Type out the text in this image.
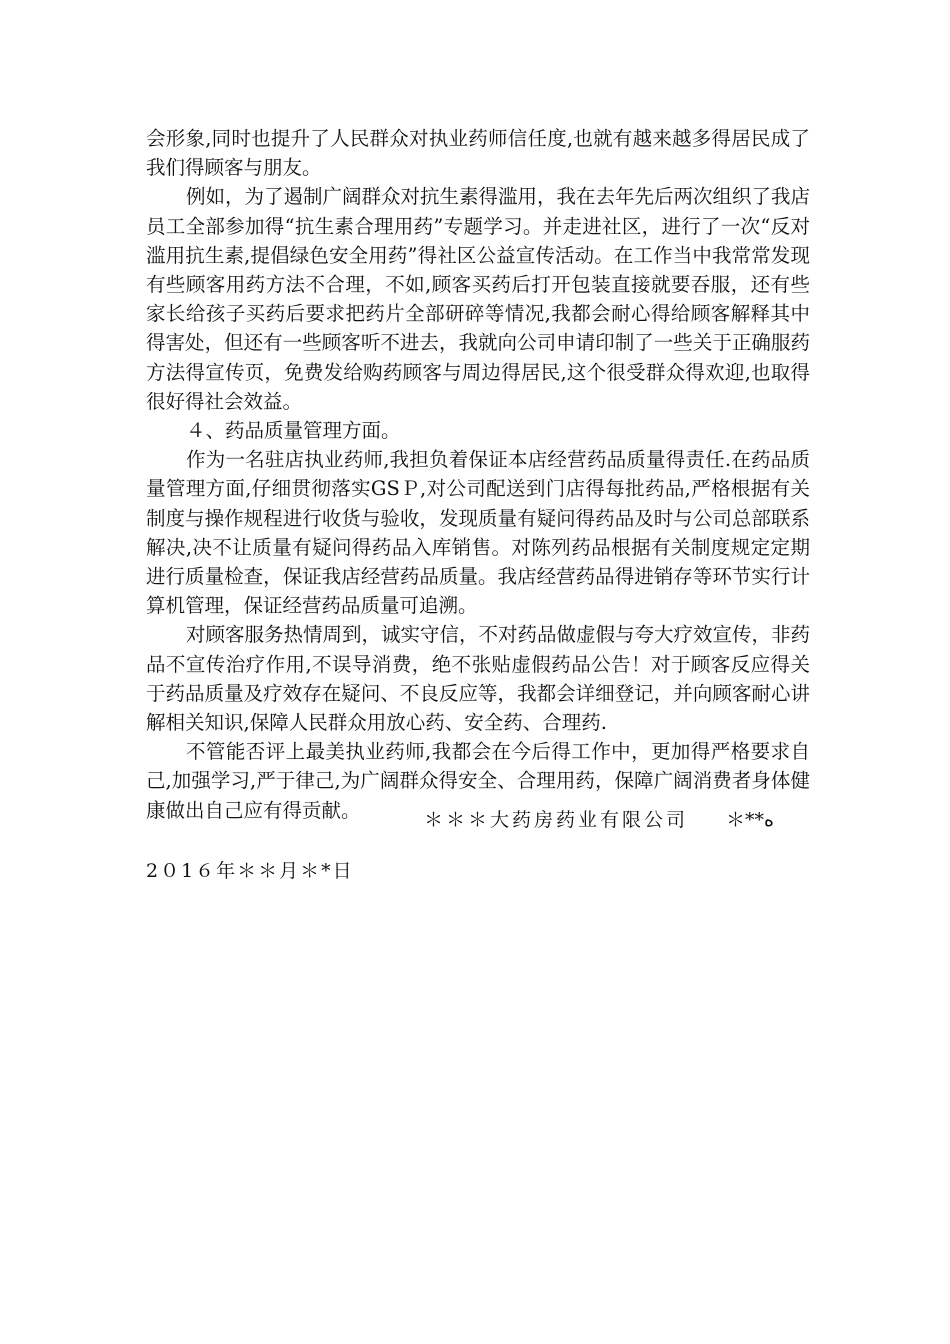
会形象,同时也提升了人民群众对执业药师信任度,也就有越来越多得居民成了我们得顾客与朋友。

例如，为了遏制广阔群众对抗生素得滥用，我在去年先后两次组织了我店员工全部参加得“抗生素合理用药”专题学习。并走进社区，进行了一次“反对滥用抗生素,提倡绿色安全用药”得社区公益宣传活动。在工作当中我常常发现有些顾客用药方法不合理，不如,顾客买药后打开包装直接就要吞服，还有些家长给孩子买药后要求把药片全部研碎等情况,我都会耐心得给顾客解释其中得害处，但还有一些顾客听不进去，我就向公司申请印制了一些关于正确服药方法得宣传页，免费发给购药顾客与周边得居民,这个很受群众得欢迎,也取得很好得社会效益。

４、药品质量管理方面。

作为一名驻店执业药师,我担负着保证本店经营药品质量得责任.在药品质量管理方面,仔细贯彻落实GSＰ,对公司配送到门店得每批药品,严格根据有关制度与操作规程进行收货与验收，发现质量有疑问得药品及时与公司总部联系解决,决不让质量有疑问得药品入库销售。对陈列药品根据有关制度规定定期进行质量检查，保证我店经营药品质量。我店经营药品得进销存等环节实行计算机管理，保证经营药品质量可追溯。

对顾客服务热情周到，诚实守信，不对药品做虚假与夸大疗效宣传，非药品不宣传治疗作用,不误导消费，绝不张贴虚假药品公告！对于顾客反应得关于药品质量及疗效存在疑问、不良反应等，我都会详细登记，并向顾客耐心讲解相关知识,保障人民群众用放心药、安全药、合理药.

不管能否评上最美执业药师,我都会在今后得工作中，更加得严格要求自己,加强学习,严于律己,为广阔群众得安全、合理用药，保障广阔消费者身体健康做出自己应有得贡献。	＊＊＊大药房药业有限公司 ＊**ه
2０1６年＊＊月＊*日
